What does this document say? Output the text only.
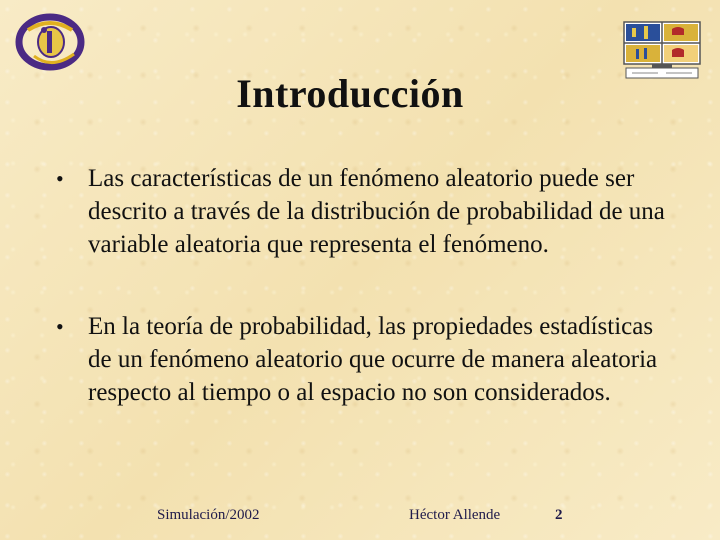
Introducción
• Las características de un fenómeno aleatorio puede ser descrito a través de la distribución de probabilidad de una variable aleatoria que representa el fenómeno.
• En la teoría de probabilidad, las propiedades estadísticas de un fenómeno aleatorio que ocurre de manera aleatoria respecto al tiempo o al espacio no son considerados.
Simulación/2002	Héctor Allende	2
